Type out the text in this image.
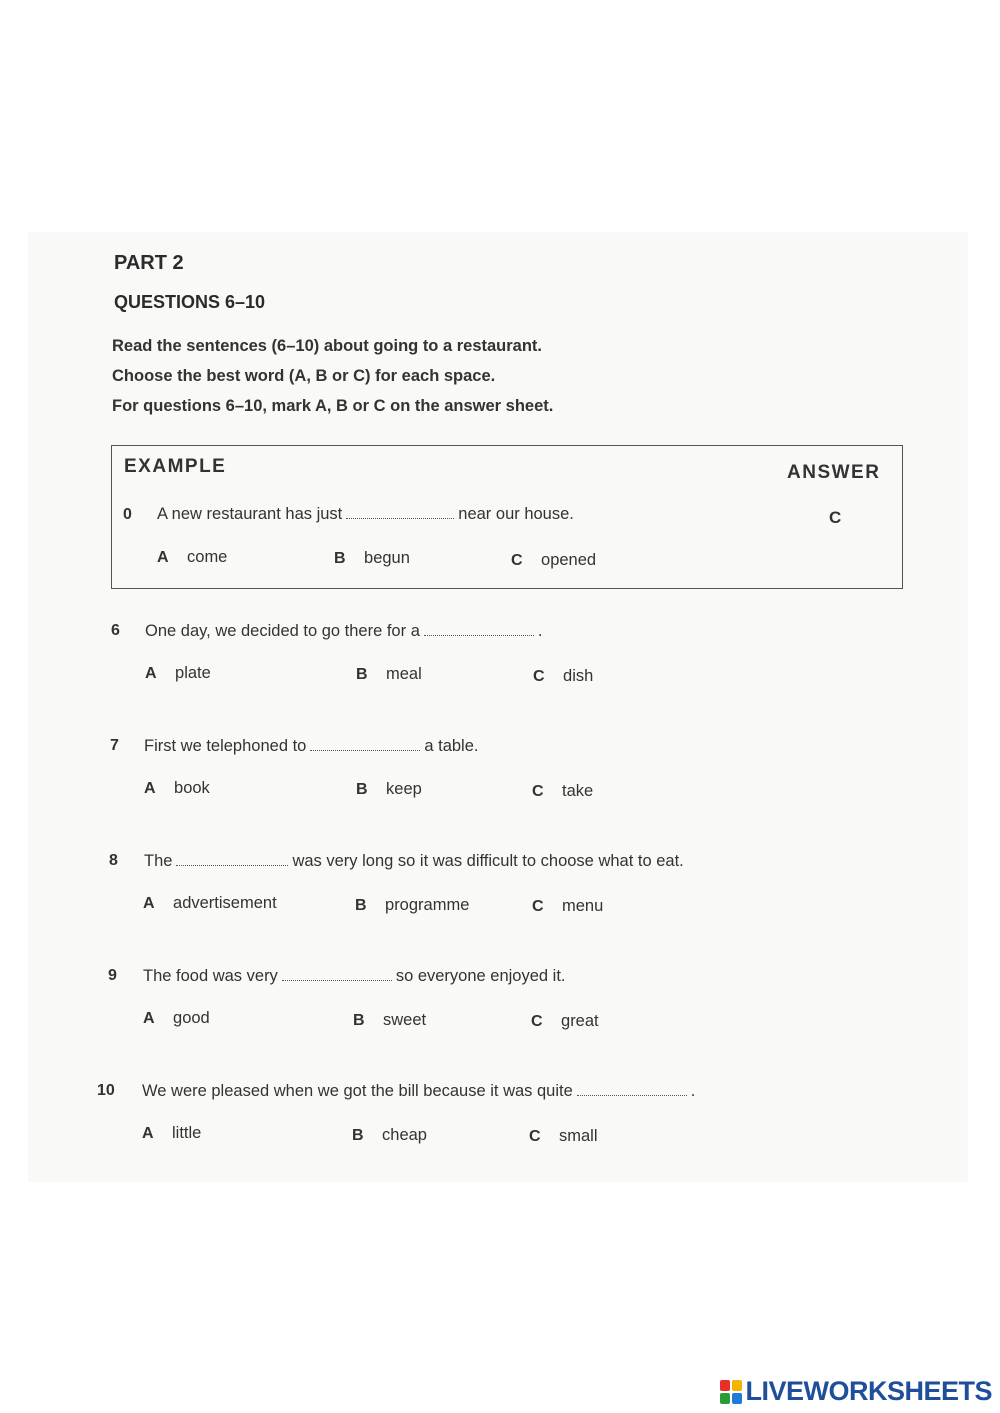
PART 2
QUESTIONS 6–10
Read the sentences (6–10) about going to a restaurant.
Choose the best word (A, B or C) for each space.
For questions 6–10, mark A, B or C on the answer sheet.
EXAMPLE	ANSWER
C
0 A new restaurant has just	near our house.
A come	B begun	C opened
6 One day, we decided to go there for a	.
A plate	B meal	C dish
7 First we telephoned to	a table.
A book	B keep	C take
8 The	was very long so it was difficult to choose what to eat.
A advertisement	B programme	C menu
9 The food was very	so everyone enjoyed it.
A good	B sweet	C great
10 We were pleased when we got the bill because it was quite	.
A little	B cheap	C small
LIVEWORKSHEETS
